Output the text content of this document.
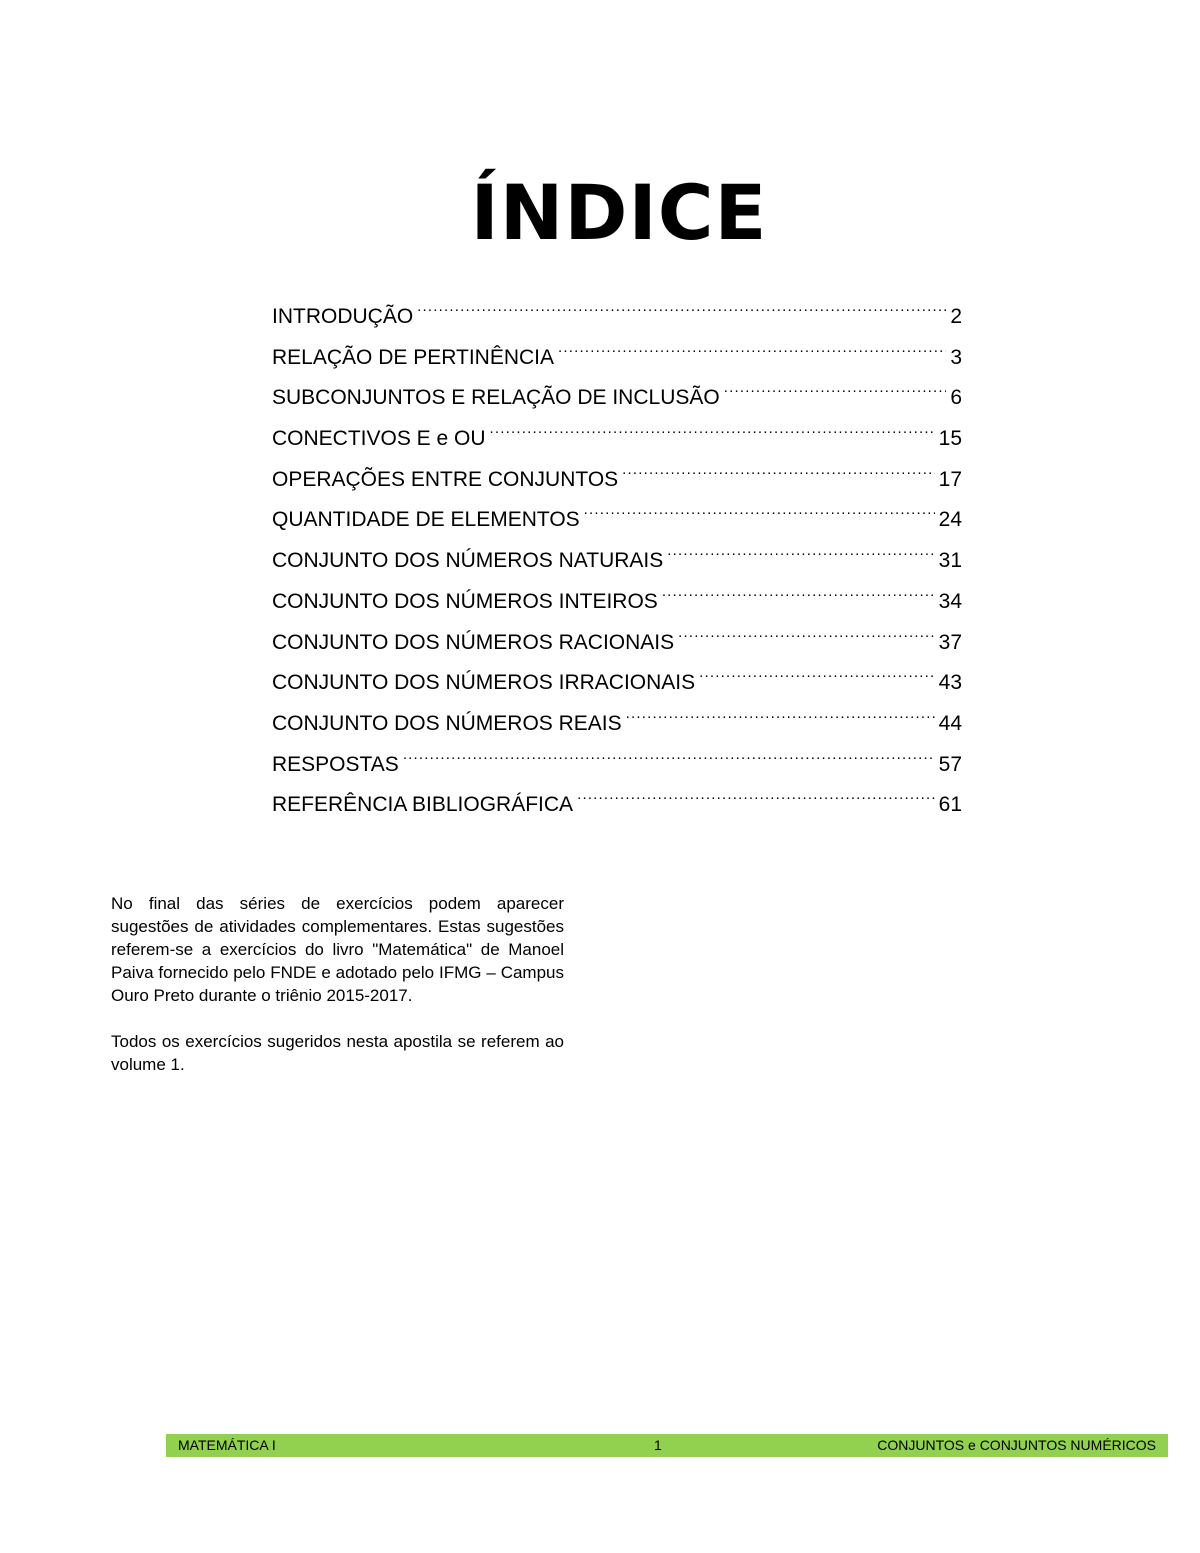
ÍNDICE
INTRODUÇÃO .....	2
RELAÇÃO DE PERTINÊNCIA .....	3
SUBCONJUNTOS E RELAÇÃO DE INCLUSÃO .....	6
CONECTIVOS E e OU .....	15
OPERAÇÕES ENTRE CONJUNTOS .....	17
QUANTIDADE DE ELEMENTOS .....	24
CONJUNTO DOS NÚMEROS NATURAIS .....	31
CONJUNTO DOS NÚMEROS INTEIROS .....	34
CONJUNTO DOS NÚMEROS RACIONAIS .....	37
CONJUNTO DOS NÚMEROS IRRACIONAIS .....	43
CONJUNTO DOS NÚMEROS REAIS .....	44
RESPOSTAS .....	57
REFERÊNCIA BIBLIOGRÁFICA .....	61

No final das séries de exercícios podem aparecer sugestões de atividades complementares. Estas sugestões referem-se a exercícios do livro "Matemática" de Manoel Paiva fornecido pelo FNDE e adotado pelo IFMG – Campus Ouro Preto durante o triênio 2015-2017.

Todos os exercícios sugeridos nesta apostila se referem ao volume 1.

MATEMÁTICA I	1	CONJUNTOS e CONJUNTOS NUMÉRICOS
